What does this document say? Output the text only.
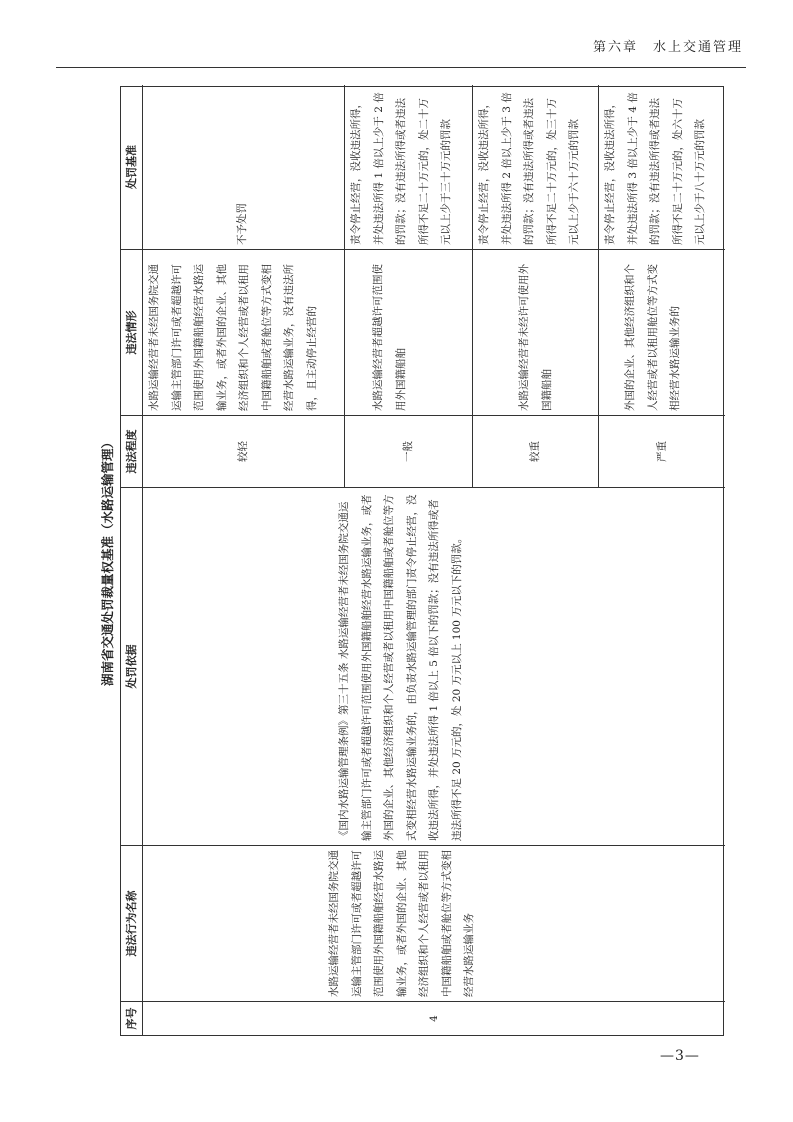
第六章　水上交通管理
湖南省交通处罚裁量权基准（水路运输管理）
序号
违法行为名称
处罚依据
违法程度
违法情形
处罚基准
4
水路运输经营者未经国务院交通运输主管部门许可或者超越许可范围使用外国籍船舶经营水路运输业务，或者外国的企业、其他经济组织和个人经营或者以租用中国籍船舶或者舱位等方式变相经营水路运输业务
《国内水路运输管理条例》第三十五条 水路运输经营者未经国务院交通运输主管部门许可或者超越许可范围使用外国籍船舶经营水路运输业务，或者外国的企业、其他经济组织和个人经营或者以租用中国籍船舶或者舱位等方式变相经营水路运输业务的，由负责水路运输管理的部门责令停止经营，没收违法所得，并处违法所得 1 倍以上 5 倍以下的罚款；没有违法所得或者违法所得不足 20 万元的，处 20 万元以上 100 万元以下的罚款。
较轻
水路运输经营者未经国务院交通运输主管部门许可或者超越许可范围使用外国籍船舶经营水路运输业务，或者外国的企业、其他经济组织和个人经营或者以租用中国籍船舶或者舱位等方式变相经营水路运输业务，没有违法所得，且主动停止经营的
不予处罚
一般
水路运输经营者超越许可范围使用外国籍船舶
责令停止经营，没收违法所得，并处违法所得 1 倍以上少于 2 倍的罚款；没有违法所得或者违法所得不足二十万元的，处二十万元以上少于三十万元的罚款
较重
水路运输经营者未经许可使用外国籍船舶
责令停止经营，没收违法所得，并处违法所得 2 倍以上少于 3 倍的罚款；没有违法所得或者违法所得不足二十万元的，处三十万元以上少于六十万元的罚款
严重
外国的企业、其他经济组织和个人经营或者以租用舱位等方式变相经营水路运输业务的
责令停止经营，没收违法所得，并处违法所得 3 倍以上少于 4 倍的罚款；没有违法所得或者违法所得不足二十万元的，处六十万元以上少于八十万元的罚款
—3—
